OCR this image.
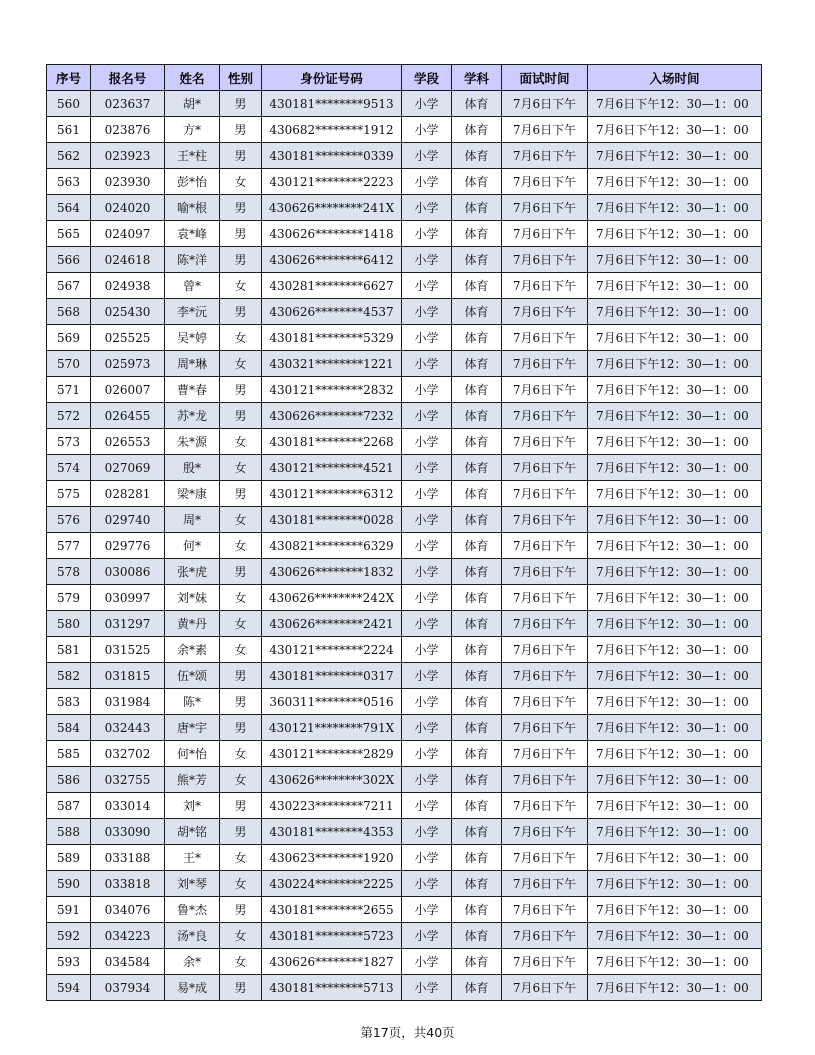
序号	报名号	姓名	性别	身份证号码	学段	学科	面试时间	入场时间
560	023637	胡*	男	430181********9513	小学	体育	7月6日下午	7月6日下午12：30—1：00
561	023876	方*	男	430682********1912	小学	体育	7月6日下午	7月6日下午12：30—1：00
562	023923	王*柱	男	430181********0339	小学	体育	7月6日下午	7月6日下午12：30—1：00
563	023930	彭*怡	女	430121********2223	小学	体育	7月6日下午	7月6日下午12：30—1：00
564	024020	喻*根	男	430626********241X	小学	体育	7月6日下午	7月6日下午12：30—1：00
565	024097	袁*峰	男	430626********1418	小学	体育	7月6日下午	7月6日下午12：30—1：00
566	024618	陈*洋	男	430626********6412	小学	体育	7月6日下午	7月6日下午12：30—1：00
567	024938	曾*	女	430281********6627	小学	体育	7月6日下午	7月6日下午12：30—1：00
568	025430	李*沅	男	430626********4537	小学	体育	7月6日下午	7月6日下午12：30—1：00
569	025525	吴*婷	女	430181********5329	小学	体育	7月6日下午	7月6日下午12：30—1：00
570	025973	周*琳	女	430321********1221	小学	体育	7月6日下午	7月6日下午12：30—1：00
571	026007	曹*春	男	430121********2832	小学	体育	7月6日下午	7月6日下午12：30—1：00
572	026455	苏*龙	男	430626********7232	小学	体育	7月6日下午	7月6日下午12：30—1：00
573	026553	朱*源	女	430181********2268	小学	体育	7月6日下午	7月6日下午12：30—1：00
574	027069	殷*	女	430121********4521	小学	体育	7月6日下午	7月6日下午12：30—1：00
575	028281	梁*康	男	430121********6312	小学	体育	7月6日下午	7月6日下午12：30—1：00
576	029740	周*	女	430181********0028	小学	体育	7月6日下午	7月6日下午12：30—1：00
577	029776	何*	女	430821********6329	小学	体育	7月6日下午	7月6日下午12：30—1：00
578	030086	张*虎	男	430626********1832	小学	体育	7月6日下午	7月6日下午12：30—1：00
579	030997	刘*妹	女	430626********242X	小学	体育	7月6日下午	7月6日下午12：30—1：00
580	031297	黄*丹	女	430626********2421	小学	体育	7月6日下午	7月6日下午12：30—1：00
581	031525	余*素	女	430121********2224	小学	体育	7月6日下午	7月6日下午12：30—1：00
582	031815	伍*颂	男	430181********0317	小学	体育	7月6日下午	7月6日下午12：30—1：00
583	031984	陈*	男	360311********0516	小学	体育	7月6日下午	7月6日下午12：30—1：00
584	032443	唐*宇	男	430121********791X	小学	体育	7月6日下午	7月6日下午12：30—1：00
585	032702	何*怡	女	430121********2829	小学	体育	7月6日下午	7月6日下午12：30—1：00
586	032755	熊*芳	女	430626********302X	小学	体育	7月6日下午	7月6日下午12：30—1：00
587	033014	刘*	男	430223********7211	小学	体育	7月6日下午	7月6日下午12：30—1：00
588	033090	胡*铭	男	430181********4353	小学	体育	7月6日下午	7月6日下午12：30—1：00
589	033188	王*	女	430623********1920	小学	体育	7月6日下午	7月6日下午12：30—1：00
590	033818	刘*琴	女	430224********2225	小学	体育	7月6日下午	7月6日下午12：30—1：00
591	034076	鲁*杰	男	430181********2655	小学	体育	7月6日下午	7月6日下午12：30—1：00
592	034223	汤*良	女	430181********5723	小学	体育	7月6日下午	7月6日下午12：30—1：00
593	034584	余*	女	430626********1827	小学	体育	7月6日下午	7月6日下午12：30—1：00
594	037934	易*成	男	430181********5713	小学	体育	7月6日下午	7月6日下午12：30—1：00
第17页，共40页
